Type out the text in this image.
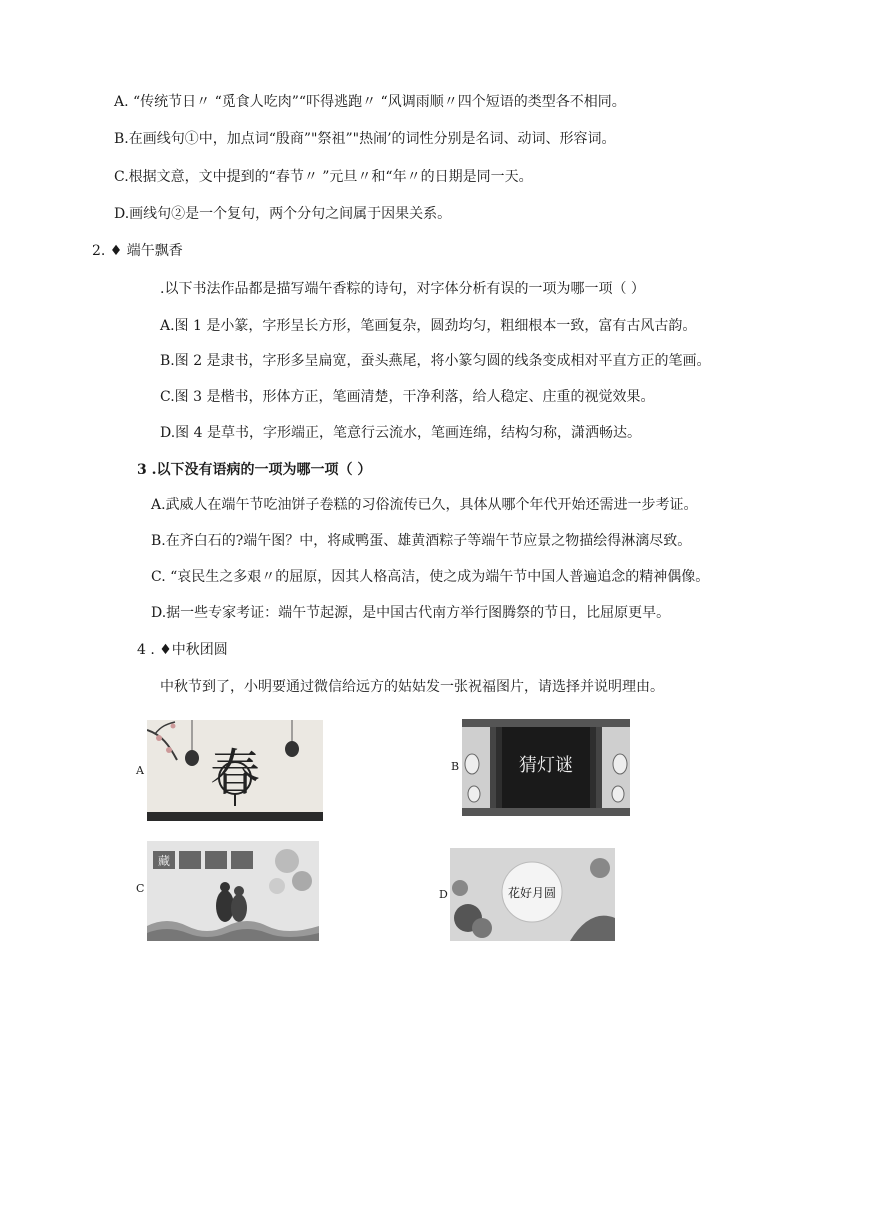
A. “传统节日〃 “觅食人吃肉”“吓得逃跑〃 “风调雨顺〃四个短语的类型各不相同。
B.在画线句①中，加点词“殷商”"祭祖”"热闹’的词性分别是名词、动词、形容词。
C.根据文意，文中提到的“春节〃 ”元旦〃和“年〃的日期是同一天。
D.画线句②是一个复句，两个分句之间属于因果关系。
2. ♦ 端午飘香
.以下书法作品都是描写端午香粽的诗句，对字体分析有误的一项为哪一项（ ）
A.图 1 是小篆，字形呈长方形，笔画复杂，圆劲均匀，粗细根本一致，富有古风古韵。
B.图 2 是隶书，字形多呈扁宽，蚕头燕尾，将小篆匀圆的线条变成相对平直方正的笔画。
C.图 3 是楷书，形体方正，笔画清楚，干净利落，给人稳定、庄重的视觉效果。
D.图 4 是草书，字形端正，笔意行云流水，笔画连绵，结构匀称，潇洒畅达。
3 .以下没有语病的一项为哪一项（ ）
A.武威人在端午节吃油饼子卷糕的习俗流传已久，具体从哪个年代开始还需进一步考证。
B.在齐白石的?端午图？中，将咸鸭蛋、雄黄酒粽子等端午节应景之物描绘得淋漓尽致。
C. “哀民生之多艰〃的屈原，因其人格高洁，使之成为端午节中国人普遍追念的精神偶像。
D.据一些专家考证：端午节起源，是中国古代南方举行图腾祭的节日，比屈原更早。
4 . ♦中秋团圆
中秋节到了，小明要通过微信给远方的姑姑发一张祝福图片，请选择并说明理由。
A 春	B	猜灯谜
C
藏
D	花好月圆
